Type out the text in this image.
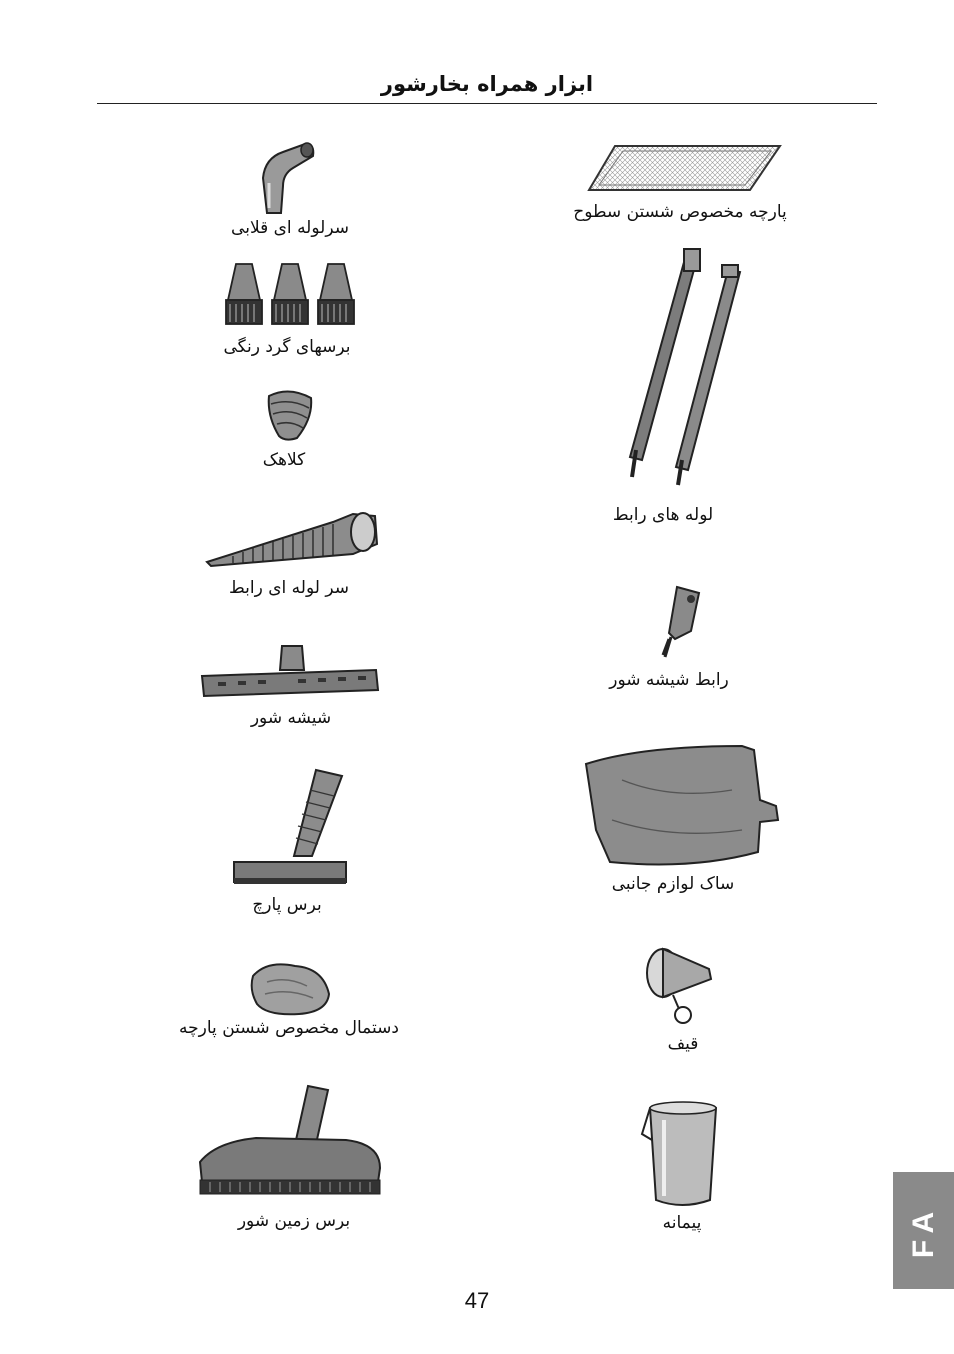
ابزار همراه بخارشور
پارچه مخصوص شستن سطوح
سرلوله ای قلابی
برسهای گرد رنگی
کلاهک
لوله های رابط
سر لوله ای رابط
رابط شیشه شور
شیشه شور
ساک لوازم جانبی
برس پارچ
قیف
دستمال مخصوص شستن پارچه
پیمانه
برس زمین شور
47
FA
